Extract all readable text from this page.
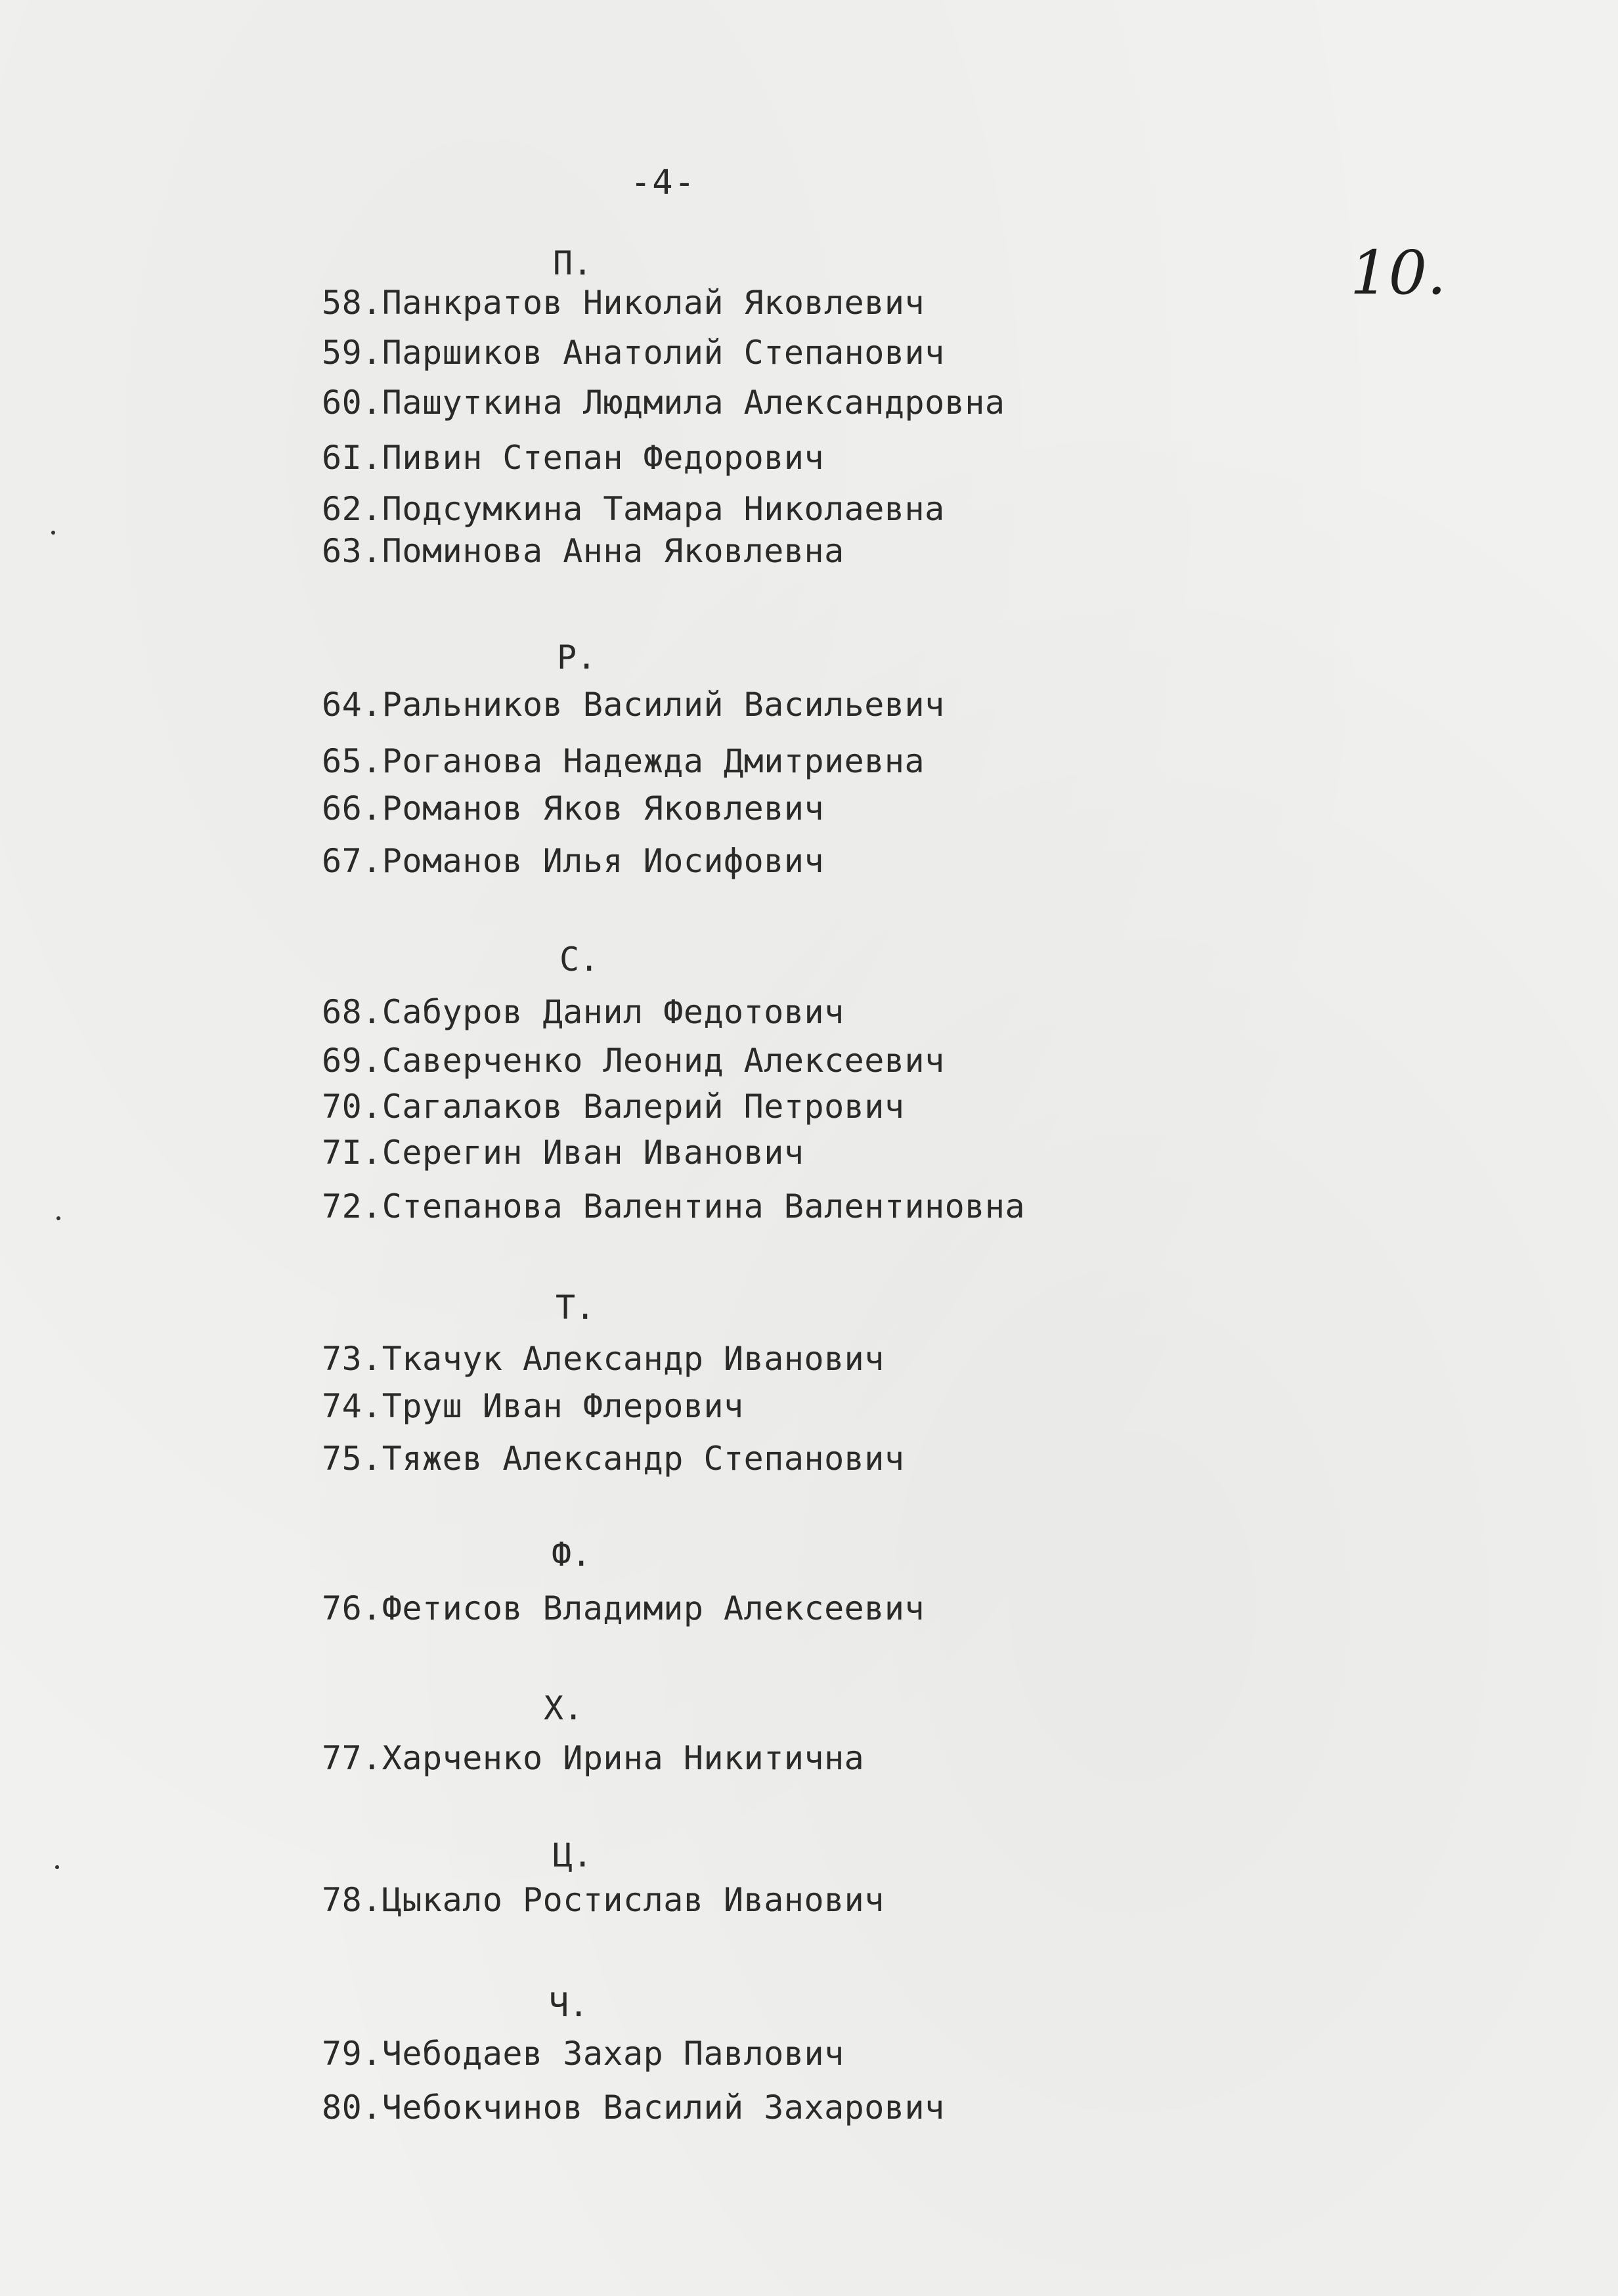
-4-
10.
П.
58.Панкратов Николай Яковлевич
59.Паршиков Анатолий Степанович
60.Пашуткина Людмила Александровна
6I.Пивин Степан Федорович
62.Подсумкина Тамара Николаевна
63.Поминова Анна Яковлевна
Р.
64.Ральников Василий Васильевич
65.Роганова Надежда Дмитриевна
66.Романов Яков Яковлевич
67.Романов Илья Иосифович
С.
68.Сабуров Данил Федотович
69.Саверченко Леонид Алексеевич
70.Сагалаков Валерий Петрович
7I.Серегин Иван Иванович
72.Степанова Валентина Валентиновна
Т.
73.Ткачук Александр Иванович
74.Труш Иван Флерович
75.Тяжев Александр Степанович
Ф.
76.Фетисов Владимир Алексеевич
Х.
77.Харченко Ирина Никитична
Ц.
78.Цыкало Ростислав Иванович
Ч.
79.Чебодаев Захар Павлович
80.Чебокчинов Василий Захарович
